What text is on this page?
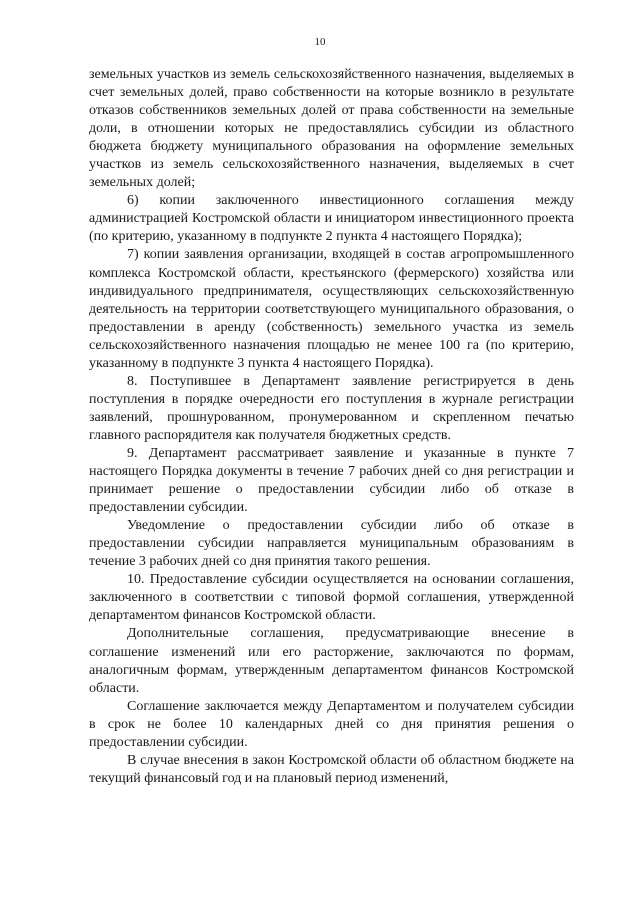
10

земельных участков из земель сельскохозяйственного назначения, выделяемых в счет земельных долей, право собственности на которые возникло в результате отказов собственников земельных долей от права собственности на земельные доли, в отношении которых не предоставлялись субсидии из областного бюджета бюджету муниципального образования на оформление земельных участков из земель сельскохозяйственного назначения, выделяемых в счет земельных долей;

6) копии заключенного инвестиционного соглашения между администрацией Костромской области и инициатором инвестиционного проекта (по критерию, указанному в подпункте 2 пункта 4 настоящего Порядка);

7) копии заявления организации, входящей в состав агропромышленного комплекса Костромской области, крестьянского (фермерского) хозяйства или индивидуального предпринимателя, осуществляющих сельскохозяйственную деятельность на территории соответствующего муниципального образования, о предоставлении в аренду (собственность) земельного участка из земель сельскохозяйственного назначения площадью не менее 100 га (по критерию, указанному в подпункте 3 пункта 4 настоящего Порядка).

8. Поступившее в Департамент заявление регистрируется в день поступления в порядке очередности его поступления в журнале регистрации заявлений, прошнурованном, пронумерованном и скрепленном печатью главного распорядителя как получателя бюджетных средств.

9. Департамент рассматривает заявление и указанные в пункте 7 настоящего Порядка документы в течение 7 рабочих дней со дня регистрации и принимает решение о предоставлении субсидии либо об отказе в предоставлении субсидии.

Уведомление о предоставлении субсидии либо об отказе в предоставлении субсидии направляется муниципальным образованиям в течение 3 рабочих дней со дня принятия такого решения.

10. Предоставление субсидии осуществляется на основании соглашения, заключенного в соответствии с типовой формой соглашения, утвержденной департаментом финансов Костромской области.

Дополнительные соглашения, предусматривающие внесение в соглашение изменений или его расторжение, заключаются по формам, аналогичным формам, утвержденным департаментом финансов Костромской области.

Соглашение заключается между Департаментом и получателем субсидии в срок не более 10 календарных дней со дня принятия решения о предоставлении субсидии.

В случае внесения в закон Костромской области об областном бюджете на текущий финансовый год и на плановый период изменений,
